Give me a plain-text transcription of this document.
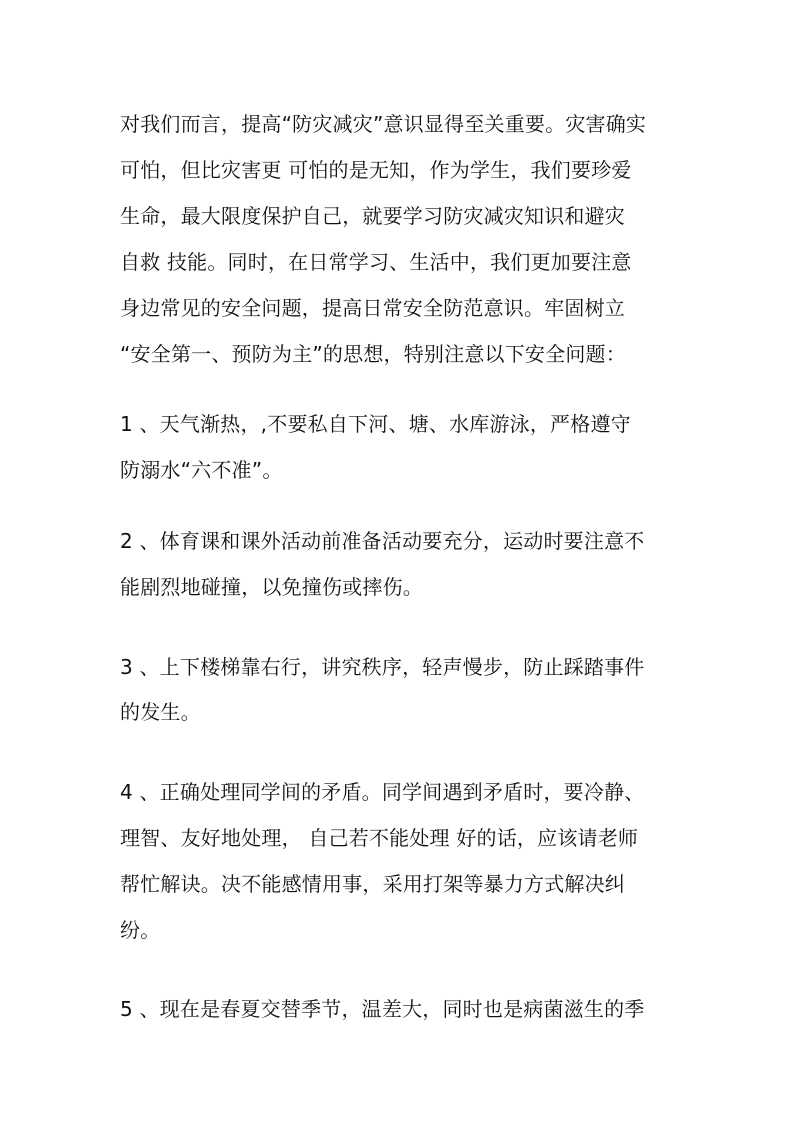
对我们而言，提高“防灾减灾”意识显得至关重要。灾害确实
可怕，但比灾害更 可怕的是无知，作为学生，我们要珍爱
生命，最大限度保护自己，就要学习防灾减灾知识和避灾
自救 技能。同时，在日常学习、生活中，我们更加要注意
身边常见的安全问题，提高日常安全防范意识。牢固树立
“安全第一、预防为主”的思想，特别注意以下安全问题：
1 、天气渐热，,不要私自下河、塘、水库游泳，严格遵守
防溺水“六不准”。
2 、体育课和课外活动前准备活动要充分，运动时要注意不
能剧烈地碰撞，以免撞伤或摔伤。
3 、上下楼梯靠右行，讲究秩序，轻声慢步，防止踩踏事件
的发生。
4 、正确处理同学间的矛盾。同学间遇到矛盾时，要冷静、
理智、友好地处理， 自己若不能处理 好的话，应该请老师
帮忙解诀。决不能感情用事，采用打架等暴力方式解决纠
纷。
5 、现在是春夏交替季节，温差大，同时也是病菌滋生的季
